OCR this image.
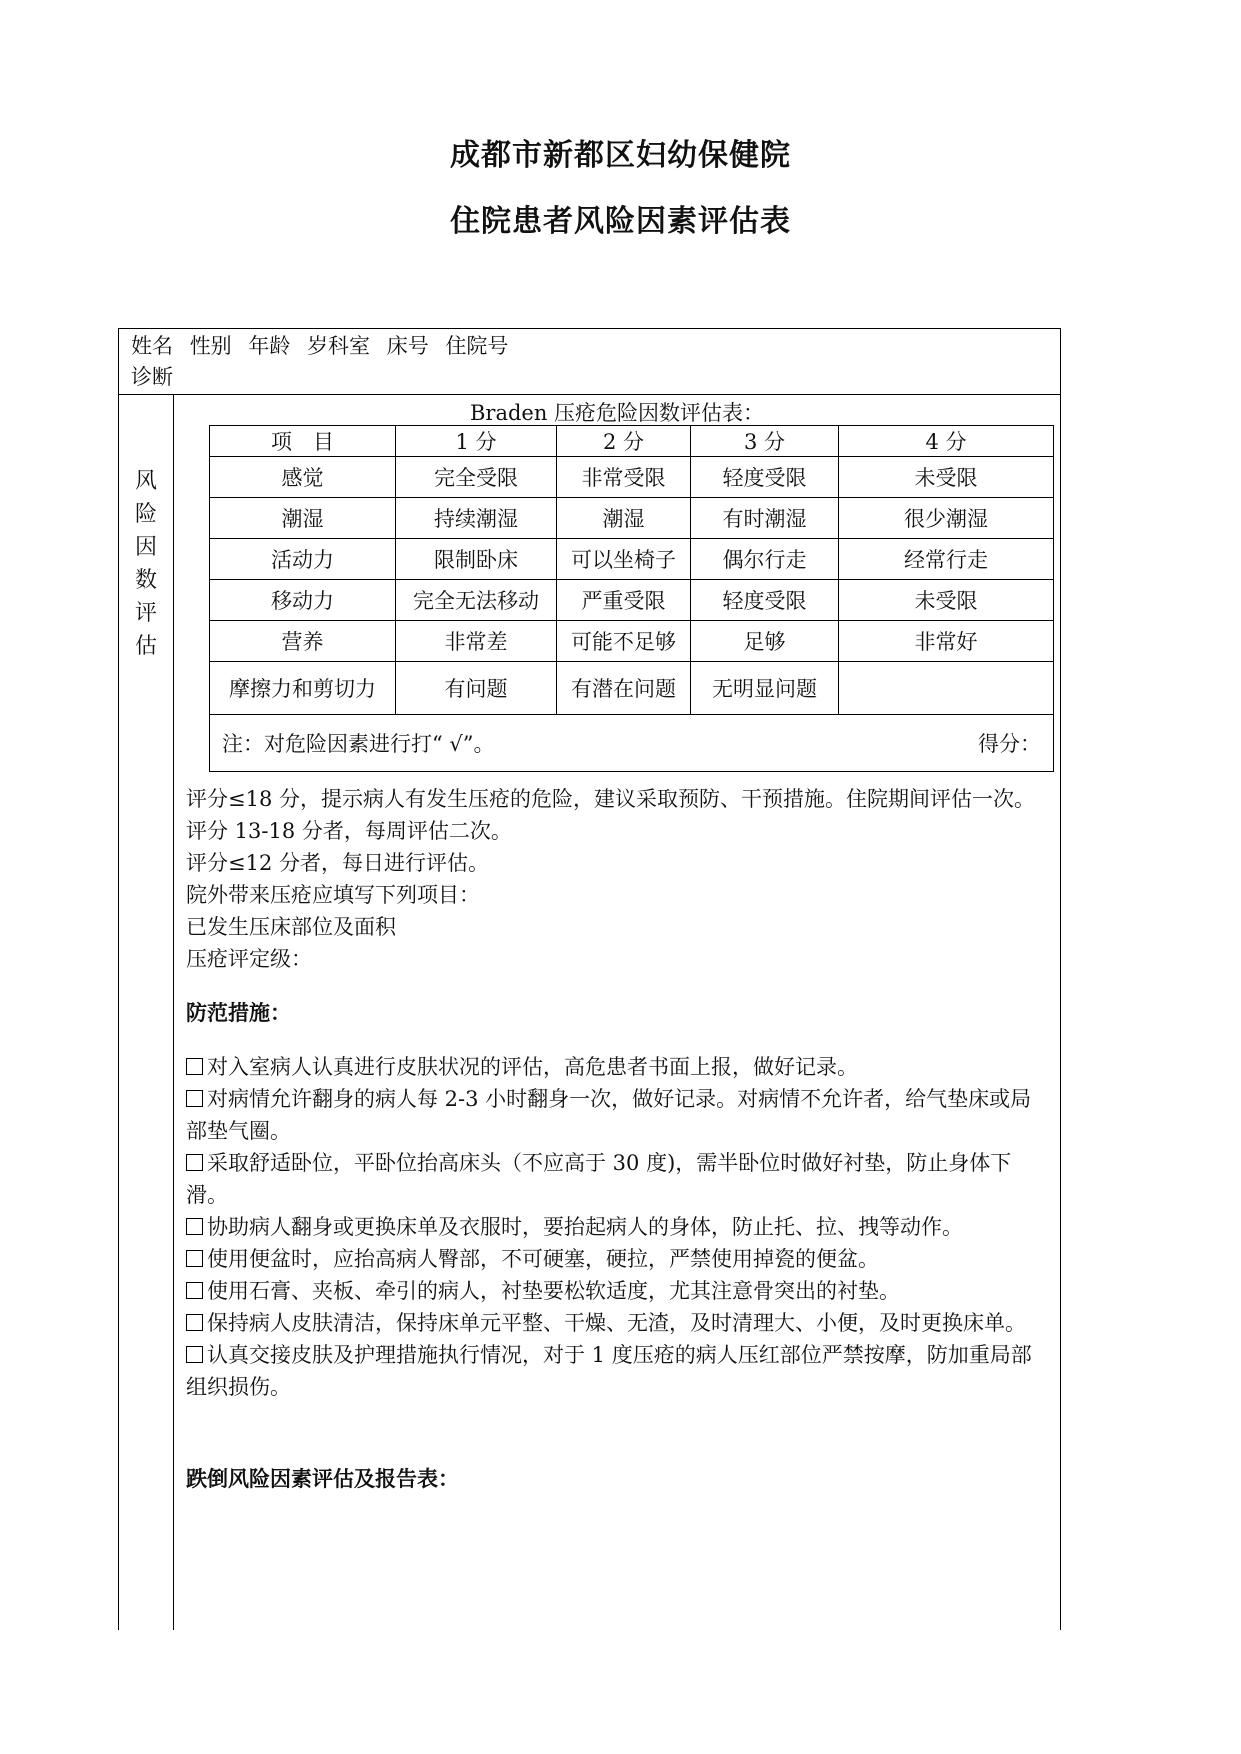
成都市新都区妇幼保健院
住院患者风险因素评估表
姓名 性别 年龄 岁科室 床号 住院号
诊断
风
险
因
数
评
估
Braden 压疮危险因数评估表：
项　目	1 分	2 分	3 分	4 分
感觉	完全受限	非常受限	轻度受限	未受限
潮湿	持续潮湿	潮湿	有时潮湿	很少潮湿
活动力	限制卧床	可以坐椅子	偶尔行走	经常行走
移动力	完全无法移动	严重受限	轻度受限	未受限
营养	非常差	可能不足够	足够	非常好
摩擦力和剪切力	有问题	有潜在问题	无明显问题	
注：对危险因素进行打“ √”。 得分：				

评分≤18 分，提示病人有发生压疮的危险，建议采取预防、干预措施。住院期间评估一次。

评分 13-18 分者，每周评估二次。

评分≤12 分者，每日进行评估。

院外带来压疮应填写下列项目：

已发生压床部位及面积

压疮评定级：

防范措施：

对入室病人认真进行皮肤状况的评估，高危患者书面上报，做好记录。

对病情允许翻身的病人每 2-3 小时翻身一次，做好记录。对病情不允许者，给气垫床或局部垫气圈。

采取舒适卧位，平卧位抬高床头（不应高于 30 度)，需半卧位时做好衬垫，防止身体下滑。

协助病人翻身或更换床单及衣服时，要抬起病人的身体，防止托、拉、拽等动作。

使用便盆时，应抬高病人臀部，不可硬塞，硬拉，严禁使用掉瓷的便盆。

使用石膏、夹板、牵引的病人，衬垫要松软适度，尤其注意骨突出的衬垫。

保持病人皮肤清洁，保持床单元平整、干燥、无渣，及时清理大、小便，及时更换床单。

认真交接皮肤及护理措施执行情况，对于 1 度压疮的病人压红部位严禁按摩，防加重局部组织损伤。

跌倒风险因素评估及报告表：
